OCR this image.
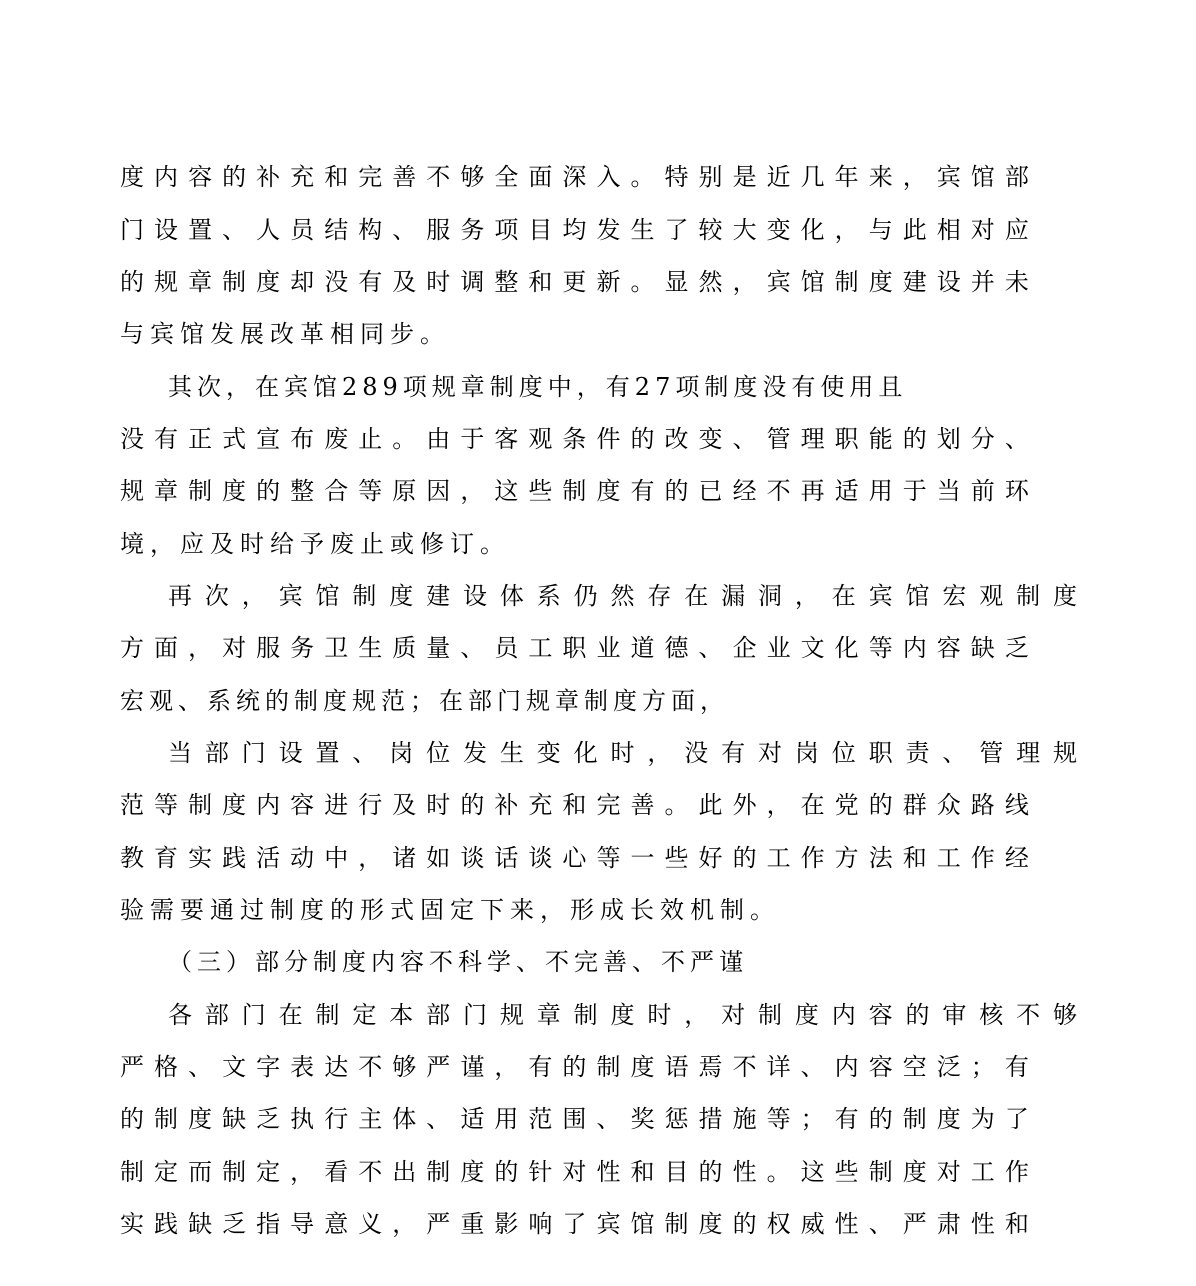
度 内 容 的 补 充 和 完 善 不 够 全 面 深 入 。 特 别 是 近 几 年 来 ， 宾 馆 部
门 设 置 、 人 员 结 构 、 服 务 项 目 均 发 生 了 较 大 变 化 ， 与 此 相 对 应
的 规 章 制 度 却 没 有 及 时 调 整 和 更 新 。 显 然 ， 宾 馆 制 度 建 设 并 未
与宾馆发展改革相同步。
其次，在宾馆289项规章制度中，有27项制度没有使用且
没 有 正 式 宣 布 废 止 。 由 于 客 观 条 件 的 改 变 、 管 理 职 能 的 划 分 、
规 章 制 度 的 整 合 等 原 因 ， 这 些 制 度 有 的 已 经 不 再 适 用 于 当 前 环
境，应及时给予废止或修订。
再 次 ， 宾 馆 制 度 建 设 体 系 仍 然 存 在 漏 洞 ， 在 宾 馆 宏 观 制 度
方 面 ， 对 服 务 卫 生 质 量 、 员 工 职 业 道 德 、 企 业 文 化 等 内 容 缺 乏
宏观、系统的制度规范；在部门规章制度方面，
当 部 门 设 置 、 岗 位 发 生 变 化 时 ， 没 有 对 岗 位 职 责 、 管 理 规
范 等 制 度 内 容 进 行 及 时 的 补 充 和 完 善 。 此 外 ， 在 党 的 群 众 路 线
教 育 实 践 活 动 中 ， 诸 如 谈 话 谈 心 等 一 些 好 的 工 作 方 法 和 工 作 经
验需要通过制度的形式固定下来，形成长效机制。
（三）部分制度内容不科学、不完善、不严谨
各 部 门 在 制 定 本 部 门 规 章 制 度 时 ， 对 制 度 内 容 的 审 核 不 够
严 格 、 文 字 表 达 不 够 严 谨 ， 有 的 制 度 语 焉 不 详 、 内 容 空 泛 ； 有
的 制 度 缺 乏 执 行 主 体 、 适 用 范 围 、 奖 惩 措 施 等 ； 有 的 制 度 为 了
制 定 而 制 定 ， 看 不 出 制 度 的 针 对 性 和 目 的 性 。 这 些 制 度 对 工 作
实 践 缺 乏 指 导 意 义 ， 严 重 影 响 了 宾 馆 制 度 的 权 威 性 、 严 肃 性 和
